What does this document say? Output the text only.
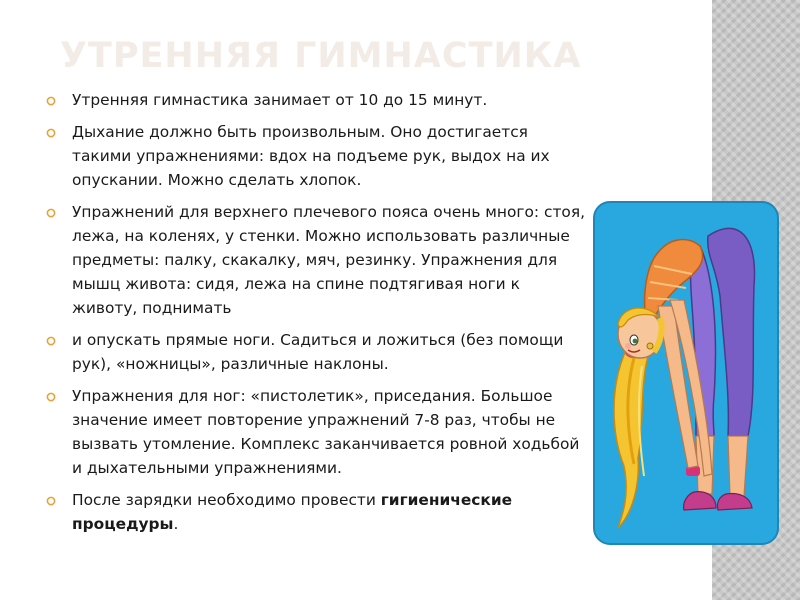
УТРЕННЯЯ ГИМНАСТИКА
Утренняя гимнастика занимает от 10 до 15 минут.
Дыхание должно быть произвольным. Оно достигается такими упражнениями: вдох на подъеме рук, выдох на их опускании. Можно сделать хлопок.
Упражнений для верхнего плечевого пояса очень много: стоя, лежа, на коленях, у стенки. Можно использовать различные предметы: палку, скакалку, мяч, резинку. Упражнения для мышц живота: сидя, лежа на спине подтягивая ноги к животу, поднимать
и опускать прямые ноги. Садиться и ложиться (без помощи рук), «ножницы», различные наклоны.
Упражнения для ног: «пистолетик», приседания. Большое значение имеет повторение упражнений 7-8 раз, чтобы не вызвать утомление. Комплекс заканчивается ровной ходьбой и дыхательными упражнениями.
После зарядки необходимо провести гигиенические процедуры.
